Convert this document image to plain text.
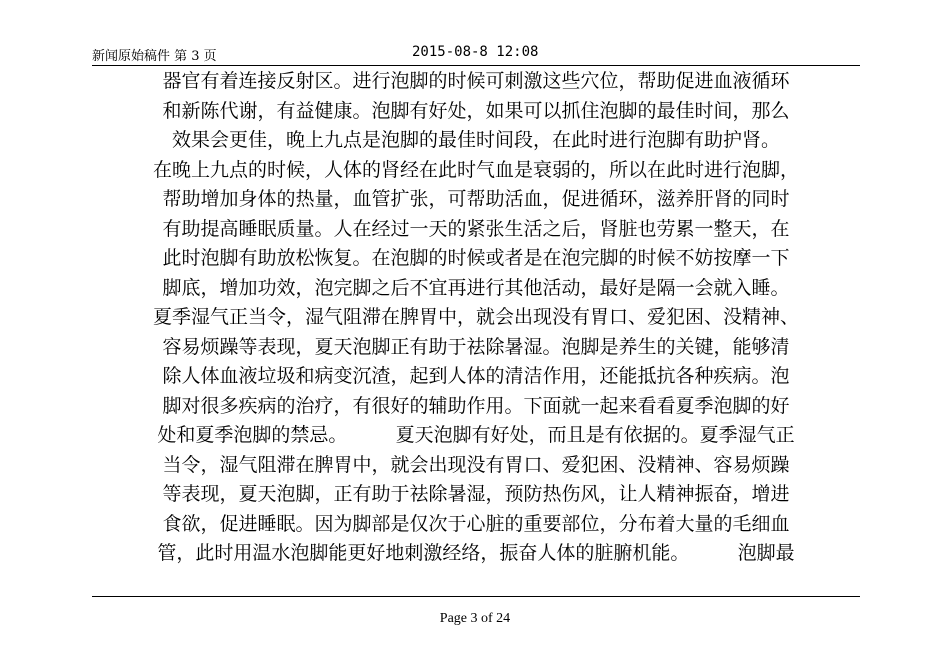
新闻原始稿件 第 3 页	2015-08-8 12:08
器官有着连接反射区。进行泡脚的时候可刺激这些穴位，帮助促进血液循环
和新陈代谢，有益健康。泡脚有好处，如果可以抓住泡脚的最佳时间，那么
效果会更佳，晚上九点是泡脚的最佳时间段，在此时进行泡脚有助护肾。
在晚上九点的时候，人体的肾经在此时气血是衰弱的，所以在此时进行泡脚，
帮助增加身体的热量，血管扩张，可帮助活血，促进循环，滋养肝肾的同时
有助提高睡眠质量。人在经过一天的紧张生活之后，肾脏也劳累一整天，在
此时泡脚有助放松恢复。在泡脚的时候或者是在泡完脚的时候不妨按摩一下
脚底，增加功效，泡完脚之后不宜再进行其他活动，最好是隔一会就入睡。
夏季湿气正当令，湿气阻滞在脾胃中，就会出现没有胃口、爱犯困、没精神、
容易烦躁等表现，夏天泡脚正有助于祛除暑湿。泡脚是养生的关键，能够清
除人体血液垃圾和病变沉渣，起到人体的清洁作用，还能抵抗各种疾病。泡
脚对很多疾病的治疗，有很好的辅助作用。下面就一起来看看夏季泡脚的好
处和夏季泡脚的禁忌。        夏天泡脚有好处，而且是有依据的。夏季湿气正
当令，湿气阻滞在脾胃中，就会出现没有胃口、爱犯困、没精神、容易烦躁
等表现，夏天泡脚，正有助于祛除暑湿，预防热伤风，让人精神振奋，增进
食欲，促进睡眠。因为脚部是仅次于心脏的重要部位，分布着大量的毛细血
管，此时用温水泡脚能更好地刺激经络，振奋人体的脏腑机能。        泡脚最
Page 3 of 24
